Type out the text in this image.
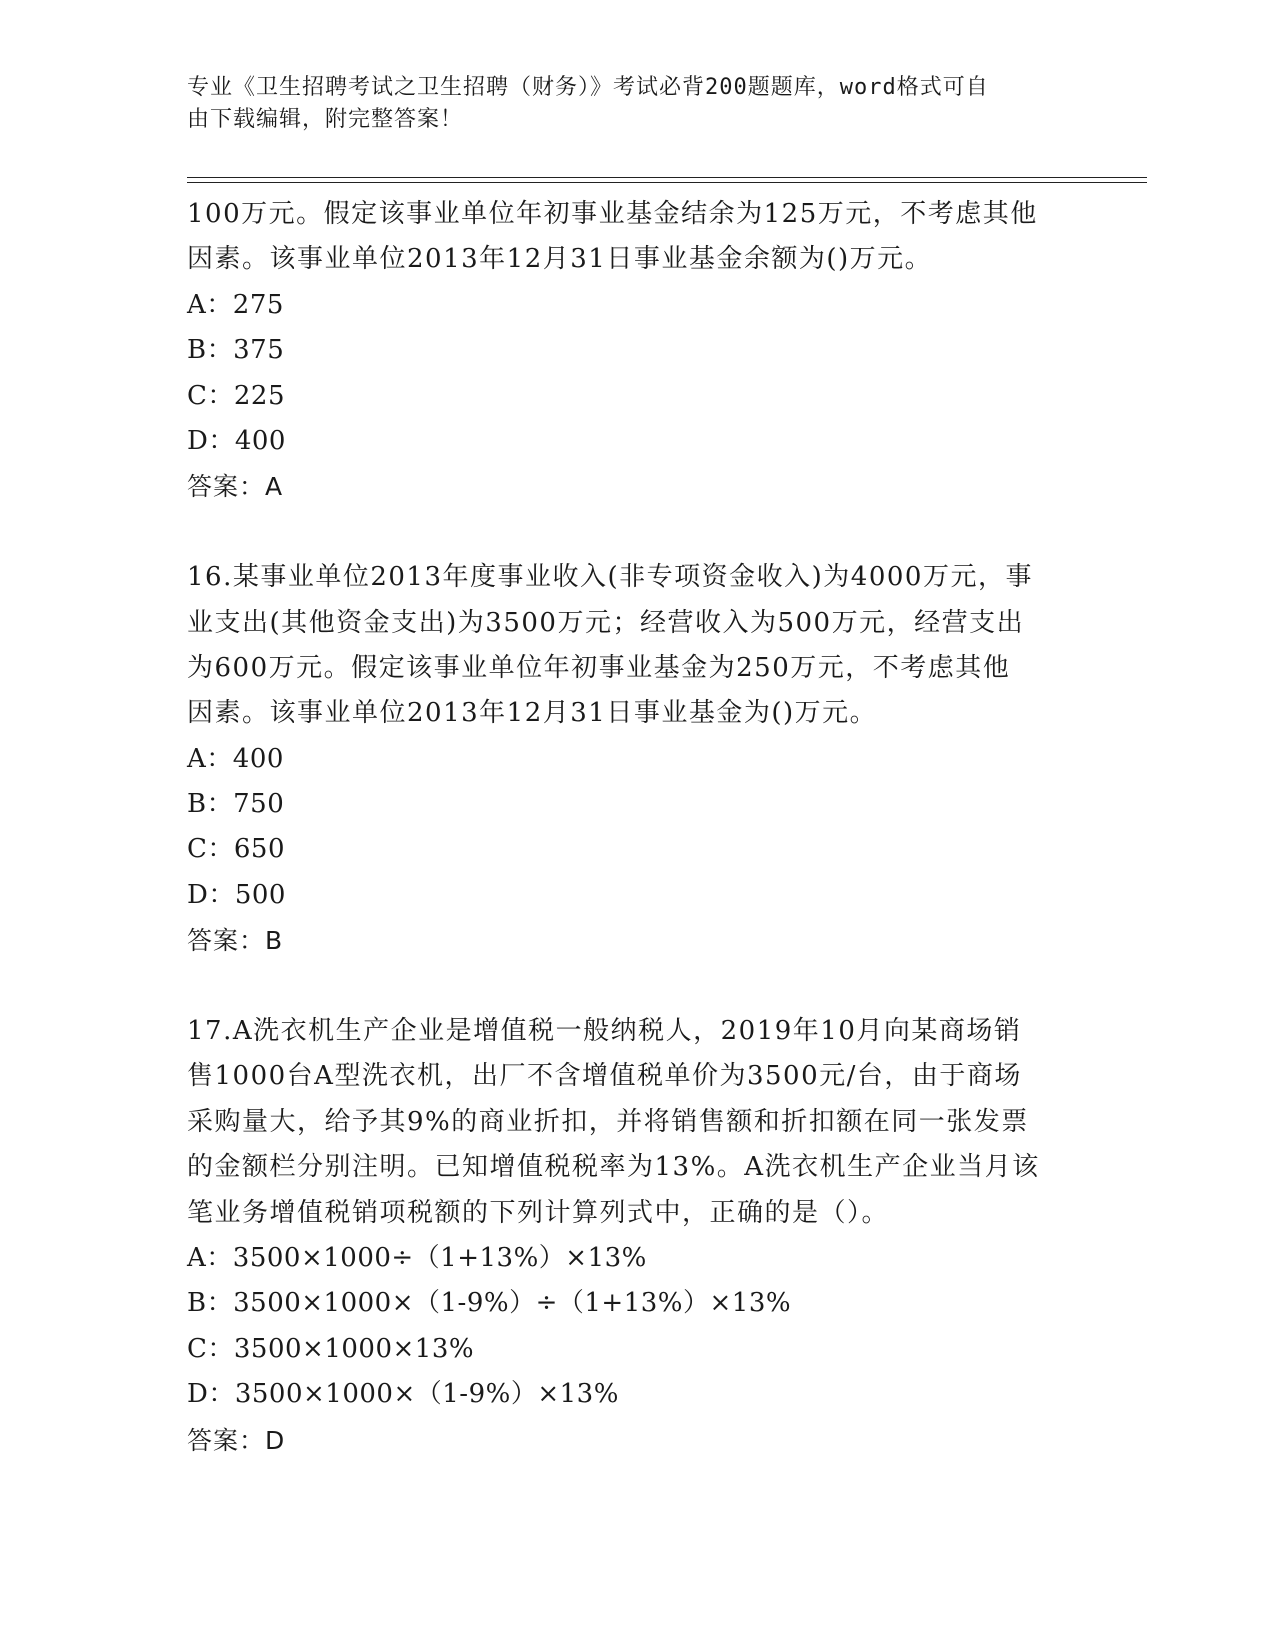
专业《卫生招聘考试之卫生招聘（财务）》考试必背200题题库，word格式可自
由下载编辑，附完整答案！
100万元。假定该事业单位年初事业基金结余为125万元，不考虑其他
因素。该事业单位2013年12月31日事业基金余额为()万元。
A：275
B：375
C：225
D：400
答案：A
16.某事业单位2013年度事业收入(非专项资金收入)为4000万元，事
业支出(其他资金支出)为3500万元；经营收入为500万元，经营支出
为600万元。假定该事业单位年初事业基金为250万元，不考虑其他
因素。该事业单位2013年12月31日事业基金为()万元。
A：400
B：750
C：650
D：500
答案：B
17.A洗衣机生产企业是增值税一般纳税人，2019年10月向某商场销
售1000台A型洗衣机，出厂不含增值税单价为3500元/台，由于商场
采购量大，给予其9%的商业折扣，并将销售额和折扣额在同一张发票
的金额栏分别注明。已知增值税税率为13%。A洗衣机生产企业当月该
笔业务增值税销项税额的下列计算列式中，正确的是（）。
A：3500×1000÷（1+13%）×13%
B：3500×1000×（1-9%）÷（1+13%）×13%
C：3500×1000×13%
D：3500×1000×（1-9%）×13%
答案：D
